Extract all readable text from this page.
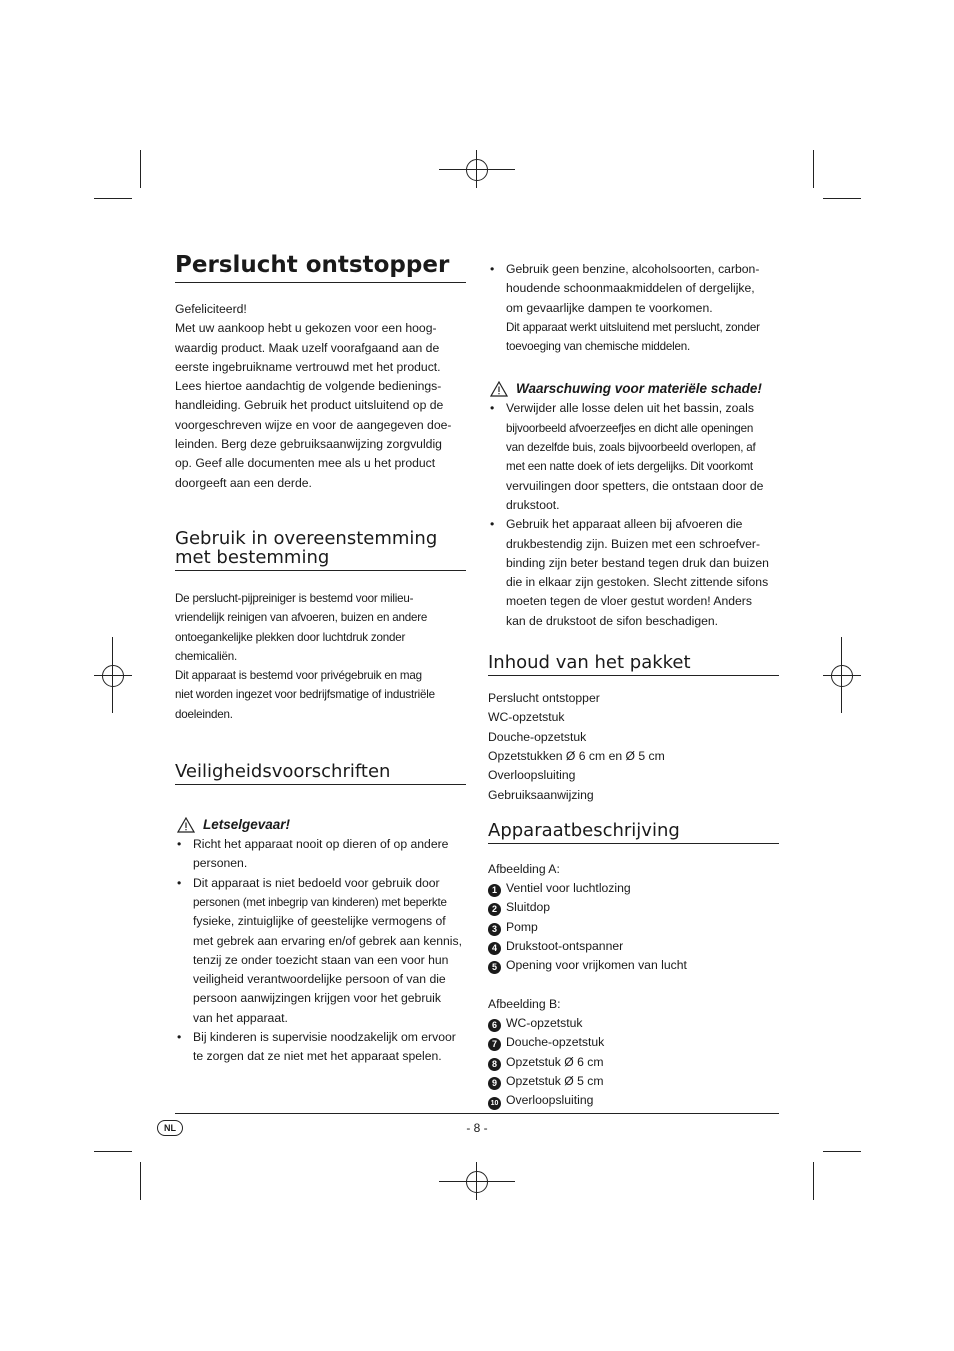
Perslucht ontstopper

Gefeliciteerd!

Met uw aankoop hebt u gekozen voor een hoog-

waardig product. Maak uzelf voorafgaand aan de

eerste ingebruikname vertrouwd met het product.

Lees hiertoe aandachtig de volgende bedienings-

handleiding. Gebruik het product uitsluitend op de

voorgeschreven wijze en voor de aangegeven doe-

leinden. Berg deze gebruiksaanwijzing zorgvuldig

op. Geef alle documenten mee als u het product

doorgeeft aan een derde.

Gebruik in overeenstemming
met bestemming

De perslucht-pijpreiniger is bestemd voor milieu-

vriendelijk reinigen van afvoeren, buizen en andere

ontoegankelijke plekken door luchtdruk zonder

chemicaliën.

Dit apparaat is bestemd voor privégebruik en mag

niet worden ingezet voor bedrijfsmatige of industriële

doeleinden.

Veiligheidsvoorschriften
Letselgevaar!
• Richt het apparaat nooit op dieren of op andere
personen.
• Dit apparaat is niet bedoeld voor gebruik door
personen (met inbegrip van kinderen) met beperkte
fysieke, zintuiglijke of geestelijke vermogens of
met gebrek aan ervaring en/of gebrek aan kennis,
tenzij ze onder toezicht staan van een voor hun
veiligheid verantwoordelijke persoon of van die
persoon aanwijzingen krijgen voor het gebruik
van het apparaat.
• Bij kinderen is supervisie noodzakelijk om ervoor
te zorgen dat ze niet met het apparaat spelen.
• Gebruik geen benzine, alcoholsoorten, carbon-
houdende schoonmaakmiddelen of dergelijke,
om gevaarlijke dampen te voorkomen.
Dit apparaat werkt uitsluitend met perslucht, zonder
toevoeging van chemische middelen.
Waarschuwing voor materiële schade!
• Verwijder alle losse delen uit het bassin, zoals
bijvoorbeeld afvoerzeefjes en dicht alle openingen
van dezelfde buis, zoals bijvoorbeeld overlopen, af
met een natte doek of iets dergelijks. Dit voorkomt
vervuilingen door spetters, die ontstaan door de
drukstoot.
• Gebruik het apparaat alleen bij afvoeren die
drukbestendig zijn. Buizen met een schroefver-
binding zijn beter bestand tegen druk dan buizen
die in elkaar zijn gestoken. Slecht zittende sifons
moeten tegen de vloer gestut worden! Anders
kan de drukstoot de sifon beschadigen.
Inhoud van het pakket

Perslucht ontstopper

WC-opzetstuk

Douche-opzetstuk

Opzetstukken Ø 6 cm en Ø 5 cm

Overloopsluiting

Gebruiksaanwijzing

Apparaatbeschrijving

Afbeelding A:

1 Ventiel voor luchtlozing

2 Sluitdop

3 Pomp

4 Drukstoot-ontspanner

5 Opening voor vrijkomen van lucht

Afbeelding B:

6 WC-opzetstuk

7 Douche-opzetstuk

8 Opzetstuk Ø 6 cm

9 Opzetstuk Ø 5 cm

10 Overloopsluiting

NL	- 8 -
